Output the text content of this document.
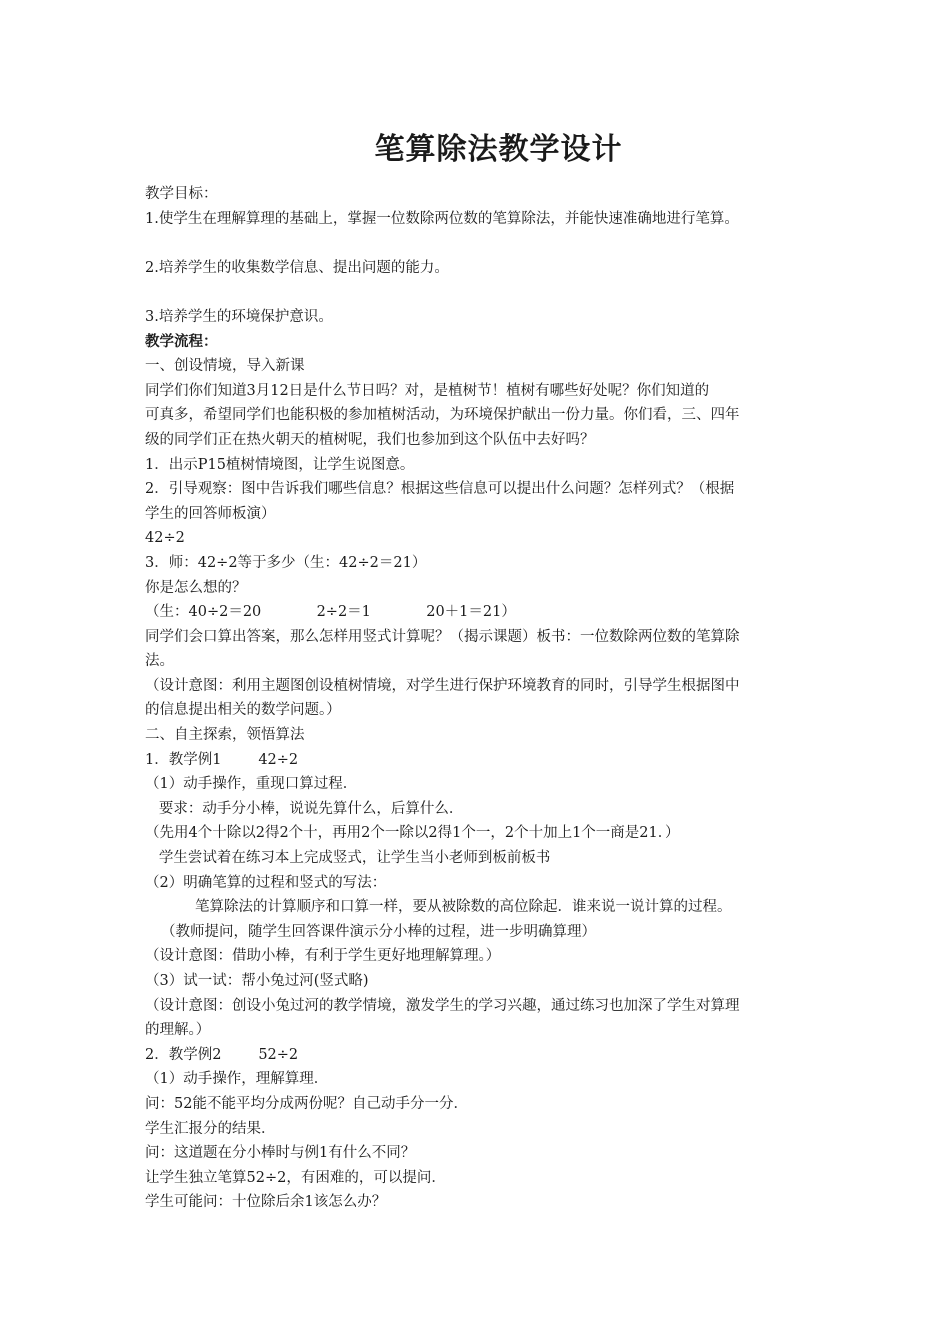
笔算除法教学设计

教学目标：

1.使学生在理解算理的基础上，掌握一位数除两位数的笔算除法，并能快速准确地进行笔算。

2.培养学生的收集数学信息、提出问题的能力。

3.培养学生的环境保护意识。

教学流程：

一、创设情境，导入新课

同学们你们知道3月12日是什么节日吗？对，是植树节！植树有哪些好处呢？你们知道的

可真多，希望同学们也能积极的参加植树活动，为环境保护献出一份力量。你们看，三、四年

级的同学们正在热火朝天的植树呢，我们也参加到这个队伍中去好吗？

1．出示P15植树情境图，让学生说图意。

2．引导观察：图中告诉我们哪些信息？根据这些信息可以提出什么问题？怎样列式？（根据

学生的回答师板演）

42÷2

3．师：42÷2等于多少（生：42÷2＝21）

你是怎么想的？

（生：40÷2＝20            2÷2＝1            20＋1＝21）

同学们会口算出答案，那么怎样用竖式计算呢？（揭示课题）板书：一位数除两位数的笔算除

法。

（设计意图：利用主题图创设植树情境，对学生进行保护环境教育的同时，引导学生根据图中

的信息提出相关的数学问题。）

二、自主探索，领悟算法

1．教学例1        42÷2

（1）动手操作，重现口算过程．

要求：动手分小棒，说说先算什么，后算什么．

（先用4个十除以2得2个十，再用2个一除以2得1个一，2个十加上1个一商是21．）

学生尝试着在练习本上完成竖式，让学生当小老师到板前板书

（2）明确笔算的过程和竖式的写法：

笔算除法的计算顺序和口算一样，要从被除数的高位除起．谁来说一说计算的过程。

（教师提问，随学生回答课件演示分小棒的过程，进一步明确算理）

（设计意图：借助小棒，有利于学生更好地理解算理。）

（3）试一试：帮小兔过河(竖式略)

（设计意图：创设小兔过河的教学情境，激发学生的学习兴趣，通过练习也加深了学生对算理

的理解。）

2．教学例2        52÷2

（1）动手操作，理解算理．

问：52能不能平均分成两份呢？自己动手分一分．

学生汇报分的结果．

问：这道题在分小棒时与例1有什么不同？

让学生独立笔算52÷2，有困难的，可以提问．

学生可能问：十位除后余1该怎么办？
